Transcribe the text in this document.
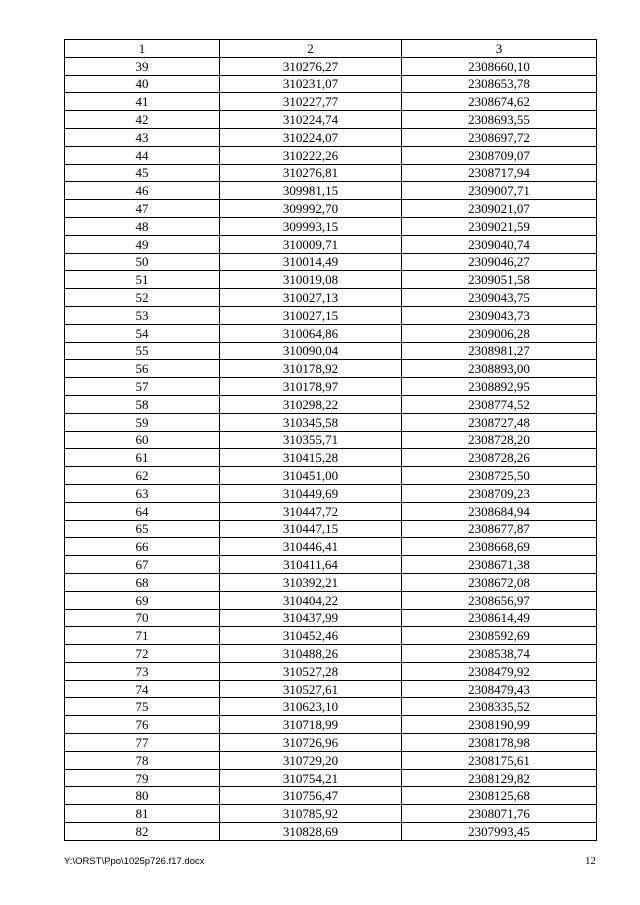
1	2	3
39	310276,27	2308660,10
40	310231,07	2308653,78
41	310227,77	2308674,62
42	310224,74	2308693,55
43	310224,07	2308697,72
44	310222,26	2308709,07
45	310276,81	2308717,94
46	309981,15	2309007,71
47	309992,70	2309021,07
48	309993,15	2309021,59
49	310009,71	2309040,74
50	310014,49	2309046,27
51	310019,08	2309051,58
52	310027,13	2309043,75
53	310027,15	2309043,73
54	310064,86	2309006,28
55	310090,04	2308981,27
56	310178,92	2308893,00
57	310178,97	2308892,95
58	310298,22	2308774,52
59	310345,58	2308727,48
60	310355,71	2308728,20
61	310415,28	2308728,26
62	310451,00	2308725,50
63	310449,69	2308709,23
64	310447,72	2308684,94
65	310447,15	2308677,87
66	310446,41	2308668,69
67	310411,64	2308671,38
68	310392,21	2308672,08
69	310404,22	2308656,97
70	310437,99	2308614,49
71	310452,46	2308592,69
72	310488,26	2308538,74
73	310527,28	2308479,92
74	310527,61	2308479,43
75	310623,10	2308335,52
76	310718,99	2308190,99
77	310726,96	2308178,98
78	310729,20	2308175,61
79	310754,21	2308129,82
80	310756,47	2308125,68
81	310785,92	2308071,76
82	310828,69	2307993,45
Y:\ORST\Ppo\1025p726.f17.docx	12
